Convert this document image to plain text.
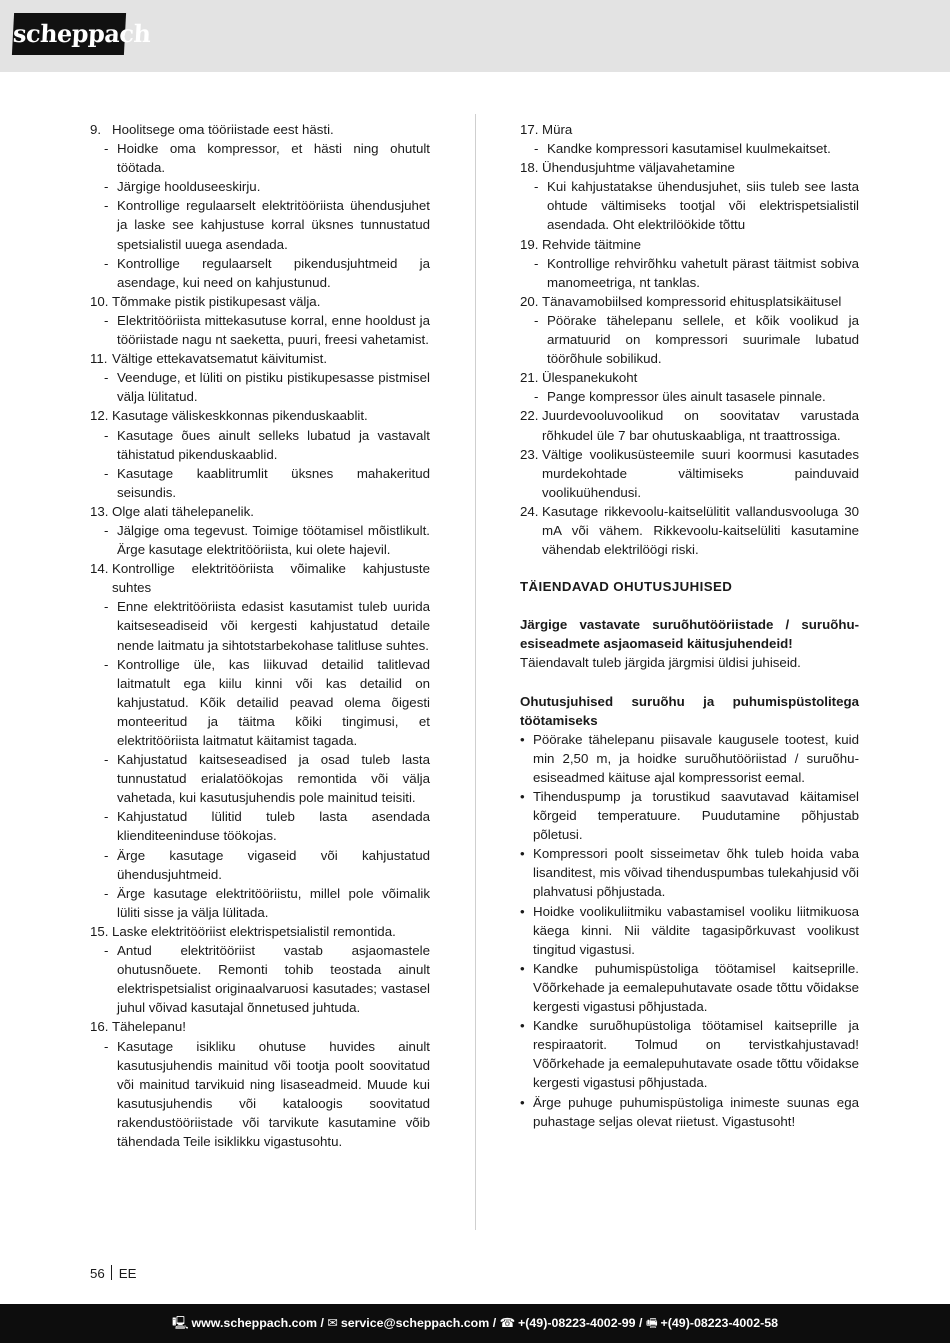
scheppach
9. Hoolitsege oma tööriistade eest hästi.
- Hoidke oma kompressor, et hästi ning ohutult töötada.
- Järgige hoolduseeskirju.
- Kontrollige regulaarselt elektritööriista ühendusjuhet ja laske see kahjustuse korral üksnes tunnustatud spetsialistil uuega asendada.
- Kontrollige regulaarselt pikendusjuhtmeid ja asendage, kui need on kahjustunud.
10. Tõmmake pistik pistikupesast välja.
- Elektritööriista mittekasutuse korral, enne hooldust ja tööriistade nagu nt saeketta, puuri, freesi vahetamist.
11. Vältige ettekavatsematut käivitumist.
- Veenduge, et lüliti on pistiku pistikupesasse pistmisel välja lülitatud.
12. Kasutage väliskeskkonnas pikenduskaablit.
- Kasutage õues ainult selleks lubatud ja vastavalt tähistatud pikenduskaablid.
- Kasutage kaablitrumlit üksnes mahakeritud seisundis.
13. Olge alati tähelepanelik.
- Jälgige oma tegevust. Toimige töötamisel mõistlikult. Ärge kasutage elektritööriista, kui olete hajevil.
14. Kontrollige elektritööriista võimalike kahjustuste suhtes
- Enne elektritööriista edasist kasutamist tuleb uurida kaitseseadiseid või kergesti kahjustatud detaile nende laitmatu ja sihtotstarbekohase talitluse suhtes.
- Kontrollige üle, kas liikuvad detailid talitlevad laitmatult ega kiilu kinni või kas detailid on kahjustatud. Kõik detailid peavad olema õigesti monteeritud ja täitma kõiki tingimusi, et elektritööriista laitmatut käitamist tagada.
- Kahjustatud kaitseseadised ja osad tuleb lasta tunnustatud erialatöökojas remontida või välja vahetada, kui kasutusjuhendis pole mainitud teisiti.
- Kahjustatud lülitid tuleb lasta asendada klienditeeninduse töökojas.
- Ärge kasutage vigaseid või kahjustatud ühendusjuhtmeid.
- Ärge kasutage elektritööriistu, millel pole võimalik lüliti sisse ja välja lülitada.
15. Laske elektritööriist elektrispetsialistil remontida.
- Antud elektritööriist vastab asjaomastele ohutusnõuete. Remonti tohib teostada ainult elektrispetsialist originaalvaruosi kasutades; vastasel juhul võivad kasutajal õnnetused juhtuda.
16. Tähelepanu!
- Kasutage isikliku ohutuse huvides ainult kasutusjuhendis mainitud või tootja poolt soovitatud või mainitud tarvikuid ning lisaseadmeid. Muude kui kasutusjuhendis või kataloogis soovitatud rakendustööriistade või tarvikute kasutamine võib tähendada Teile isiklikku vigastusohtu.
17. Müra
- Kandke kompressori kasutamisel kuulmekaitset.
18. Ühendusjuhtme väljavahetamine
- Kui kahjustatakse ühendusjuhet, siis tuleb see lasta ohtude vältimiseks tootjal või elektrispetsialistil asendada. Oht elektrilöökide tõttu
19. Rehvide täitmine
- Kontrollige rehvirõhku vahetult pärast täitmist sobiva manomeetriga, nt tanklas.
20. Tänavamobiilsed kompressorid ehitusplatsikäitusel
- Pöörake tähelepanu sellele, et kõik voolikud ja armatuurid on kompressori suurimale lubatud töörõhule sobilikud.
21. Ülespanekukoht
- Pange kompressor üles ainult tasasele pinnale.
22. Juurdevooluvoolikud on soovitatav varustada rõhkudel üle 7 bar ohutuskaabliga, nt traattrossiga.
23. Vältige voolikusüsteemile suuri koormusi kasutades murdekohtade vältimiseks painduvaid voolikuühendusi.
24. Kasutage rikkevoolu-kaitselülitit vallandusvooluga 30 mA või vähem. Rikkevoolu-kaitselüliti kasutamine vähendab elektrilöögi riski.
TÄIENDAVAD OHUTUSJUHISED
Järgige vastavate suruõhutööriistade / suruõhu-esiseadmete asjaomaseid käitusjuhendeid!
Täiendavalt tuleb järgida järgmisi üldisi juhiseid.
Ohutusjuhised suruõhu ja puhumispüstolitega töötamiseks
• Pöörake tähelepanu piisavale kaugusele tootest, kuid min 2,50 m, ja hoidke suruõhutööriistad / suruõhu-esiseadmed käituse ajal kompressorist eemal.
• Tihenduspump ja torustikud saavutavad käitamisel kõrgeid temperatuure. Puudutamine põhjustab põletusi.
• Kompressori poolt sisseimetav õhk tuleb hoida vaba lisanditest, mis võivad tihenduspumbas tulekahjusid või plahvatusi põhjustada.
• Hoidke voolikuliitmiku vabastamisel vooliku liitmikuosa käega kinni. Nii väldite tagasipõrkuvast voolikust tingitud vigastusi.
• Kandke puhumispüstoliga töötamisel kaitseprille. Võõrkehade ja eemalepuhutavate osade tõttu võidakse kergesti vigastusi põhjustada.
• Kandke suruõhupüstoliga töötamisel kaitseprille ja respiraatorit. Tolmud on tervistkahjustavad! Võõrkehade ja eemalepuhutavate osade tõttu võidakse kergesti vigastusi põhjustada.
• Ärge puhuge puhumispüstoliga inimeste suunas ega puhastage seljas olevat riietust. Vigastusoht!
56 EE
🖳 www.scheppach.com / ✉ service@scheppach.com / ☎ +(49)-08223-4002-99 / 🖷 +(49)-08223-4002-58
